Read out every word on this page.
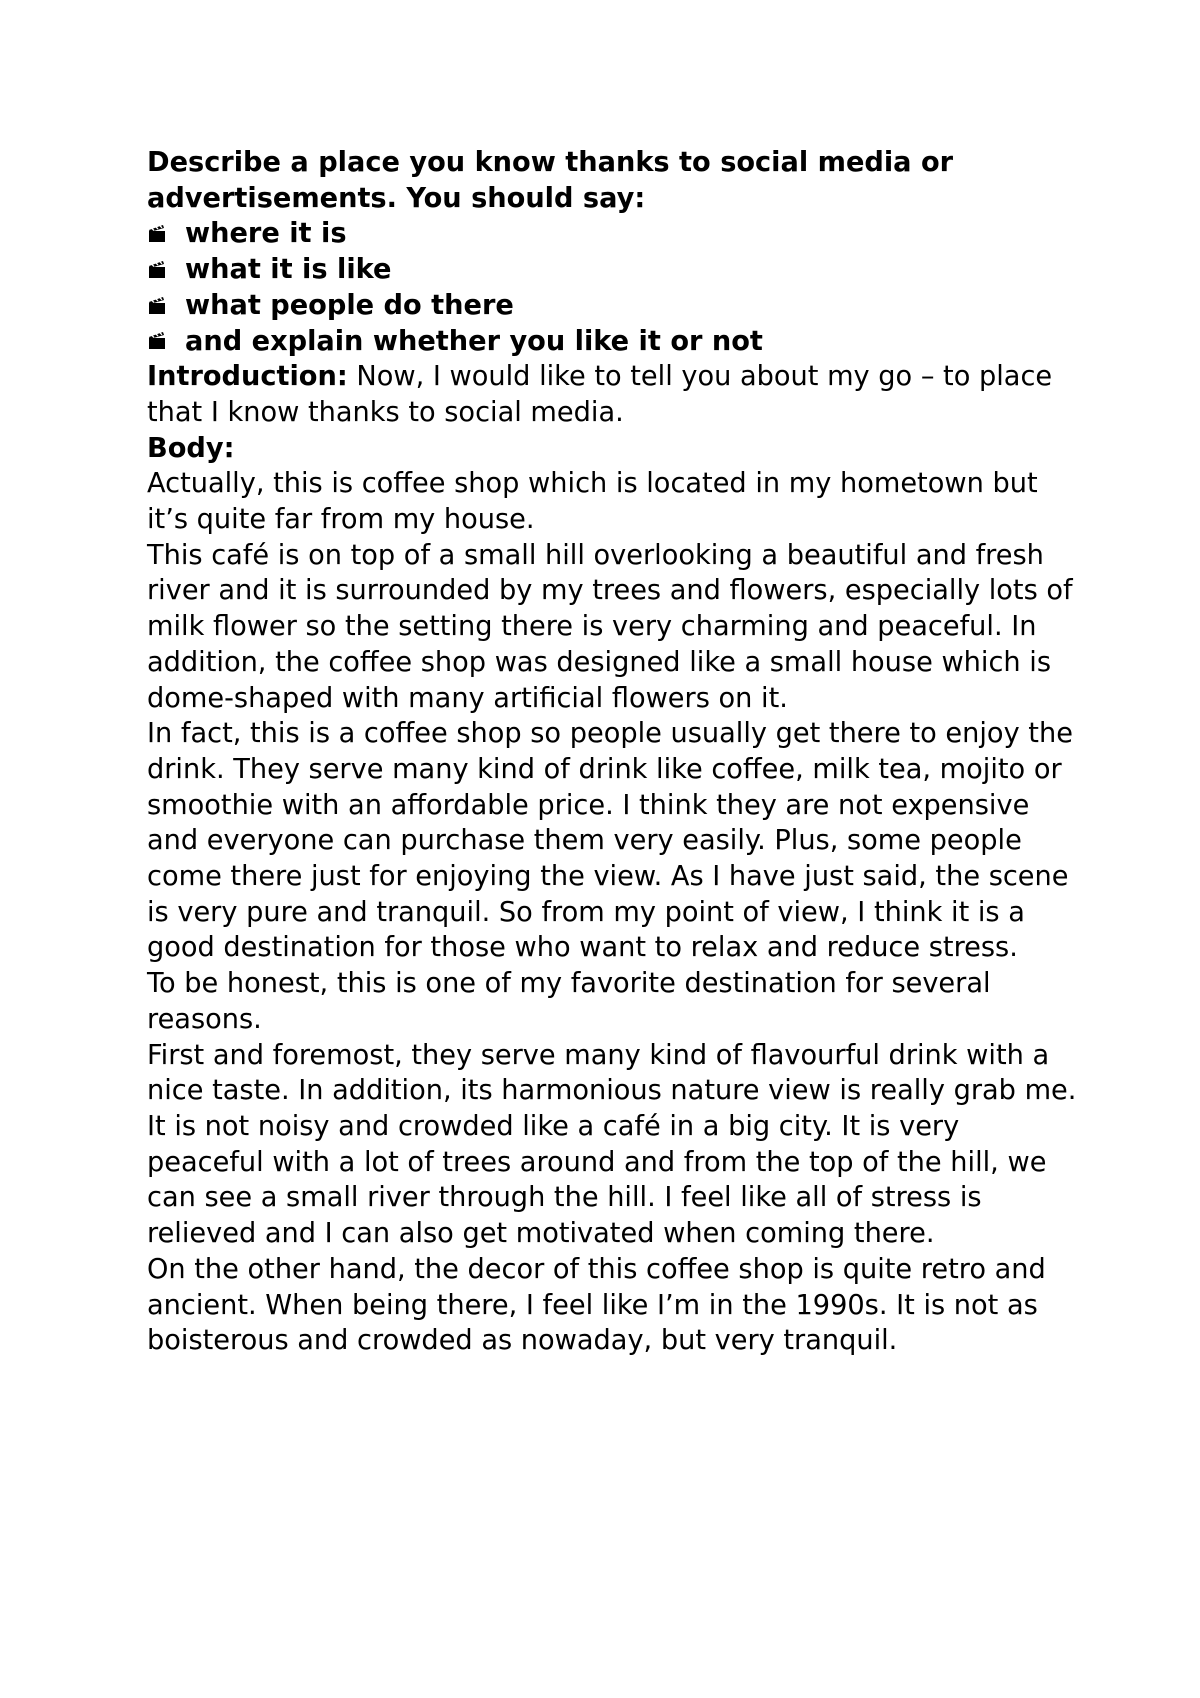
Describe a place you know thanks to social media or advertisements. You should say:

where it is
what it is like
what people do there
and explain whether you like it or not

Introduction: Now, I would like to tell you about my go – to place that I know thanks to social media.

Body:

Actually, this is coffee shop which is located in my hometown but it’s quite far from my house.

This café is on top of a small hill overlooking a beautiful and fresh river and it is surrounded by my trees and flowers, especially lots of milk flower so the setting there is very charming and peaceful. In addition, the coffee shop was designed like a small house which is dome-shaped with many artificial flowers on it.

In fact, this is a coffee shop so people usually get there to enjoy the drink. They serve many kind of drink like coffee, milk tea, mojito or smoothie with an affordable price. I think they are not expensive and everyone can purchase them very easily. Plus, some people come there just for enjoying the view. As I have just said, the scene is very pure and tranquil. So from my point of view, I think it is a good destination for those who want to relax and reduce stress.

To be honest, this is one of my favorite destination for several reasons.

First and foremost, they serve many kind of flavourful drink with a nice taste. In addition, its harmonious nature view is really grab me. It is not noisy and crowded like a café in a big city. It is very peaceful with a lot of trees around and from the top of the hill, we can see a small river through the hill. I feel like all of stress is relieved and I can also get motivated when coming there.

On the other hand, the decor of this coffee shop is quite retro and ancient. When being there, I feel like I’m in the 1990s. It is not as boisterous and crowded as nowaday, but very tranquil.
